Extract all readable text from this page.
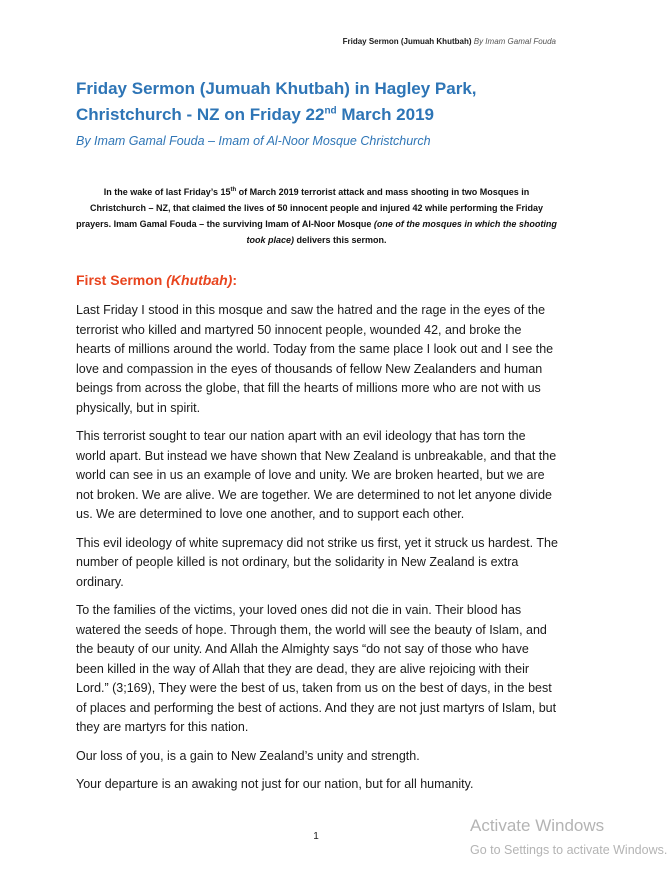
Friday Sermon (Jumuah Khutbah) By Imam Gamal Fouda
Friday Sermon (Jumuah Khutbah) in Hagley Park, Christchurch - NZ on Friday 22nd March 2019

By Imam Gamal Fouda – Imam of Al-Noor Mosque Christchurch

In the wake of last Friday’s 15th of March 2019 terrorist attack and mass shooting in two Mosques in Christchurch – NZ, that claimed the lives of 50 innocent people and injured 42 while performing the Friday prayers. Imam Gamal Fouda – the surviving Imam of Al-Noor Mosque (one of the mosques in which the shooting took place) delivers this sermon.

First Sermon (Khutbah):

Last Friday I stood in this mosque and saw the hatred and the rage in the eyes of the terrorist who killed and martyred 50 innocent people, wounded 42, and broke the hearts of millions around the world. Today from the same place I look out and I see the love and compassion in the eyes of thousands of fellow New Zealanders and human beings from across the globe, that fill the hearts of millions more who are not with us physically, but in spirit.

This terrorist sought to tear our nation apart with an evil ideology that has torn the world apart. But instead we have shown that New Zealand is unbreakable, and that the world can see in us an example of love and unity. We are broken hearted, but we are not broken. We are alive. We are together. We are determined to not let anyone divide us. We are determined to love one another, and to support each other.

This evil ideology of white supremacy did not strike us first, yet it struck us hardest. The number of people killed is not ordinary, but the solidarity in New Zealand is extra ordinary.

To the families of the victims, your loved ones did not die in vain. Their blood has watered the seeds of hope. Through them, the world will see the beauty of Islam, and the beauty of our unity. And Allah the Almighty says “do not say of those who have been killed in the way of Allah that they are dead, they are alive rejoicing with their Lord.” (3;169), They were the best of us, taken from us on the best of days, in the best of places and performing the best of actions. And they are not just martyrs of Islam, but they are martyrs for this nation.

Our loss of you, is a gain to New Zealand’s unity and strength.

Your departure is an awaking not just for our nation, but for all humanity.

1
Activate Windows
Go to Settings to activate Windows.
